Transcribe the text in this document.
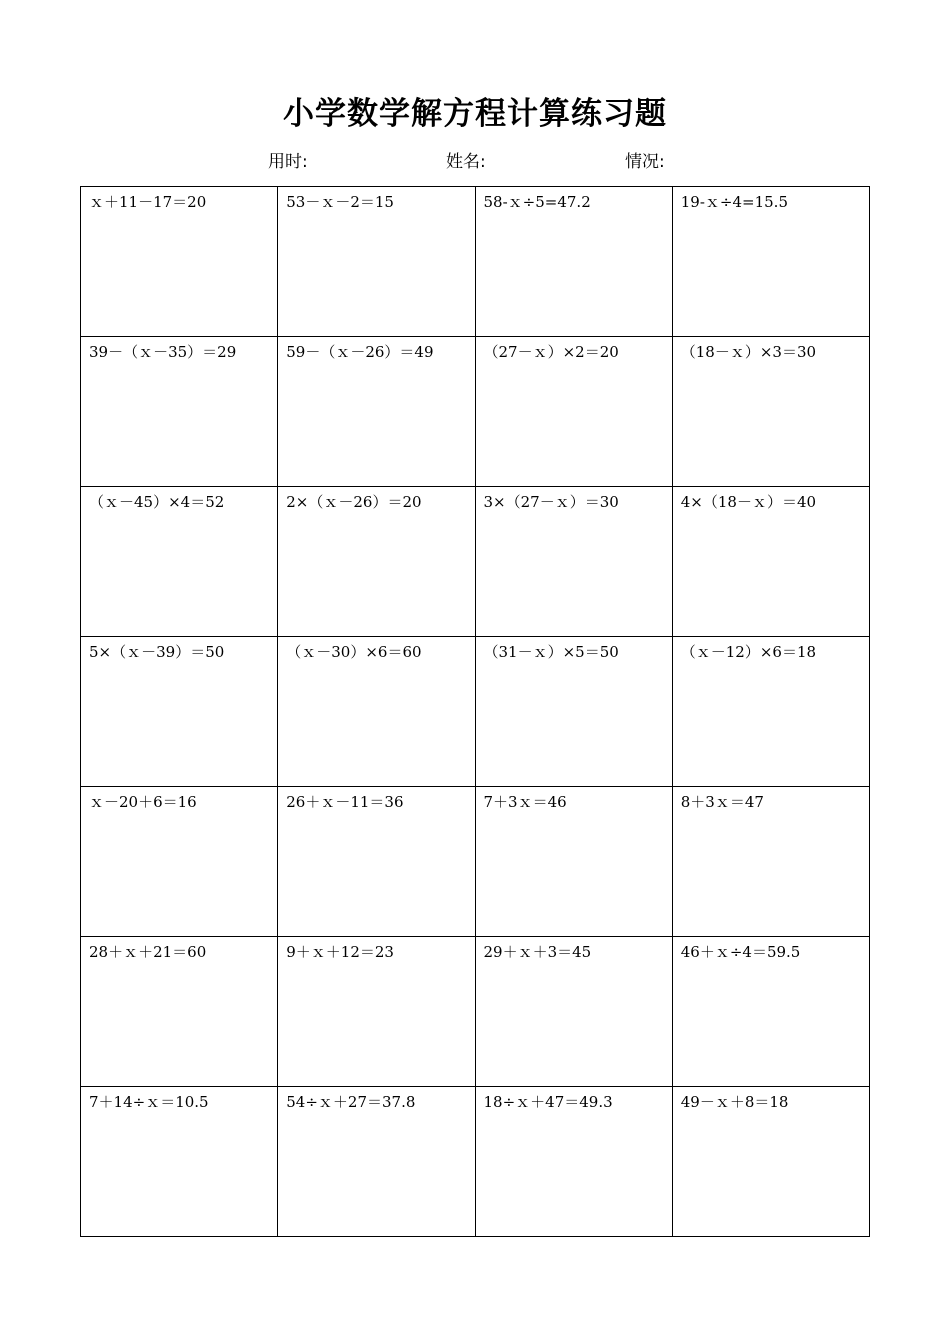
小学数学解方程计算练习题
用时:	姓名:	情况:
ｘ＋11－17＝20	53－ｘ－2＝15	58-ｘ÷5=47.2	19-ｘ÷4=15.5
39－（ｘ－35）＝29	59－（ｘ－26）＝49	（27－ｘ）×2＝20	（18－ｘ）×3＝30
（ｘ－45）×4＝52	2×（ｘ－26）＝20	3×（27－ｘ）＝30	4×（18－ｘ）＝40
5×（ｘ－39）＝50	（ｘ－30）×6＝60	（31－ｘ）×5＝50	（ｘ－12）×6＝18
ｘ－20＋6＝16	26＋ｘ－11＝36	7＋3ｘ＝46	8＋3ｘ＝47
28＋ｘ＋21＝60	9＋ｘ＋12＝23	29＋ｘ＋3＝45	46＋ｘ÷4＝59.5
7＋14÷ｘ＝10.5	54÷ｘ＋27＝37.8	18÷ｘ＋47＝49.3	49－ｘ＋8＝18
